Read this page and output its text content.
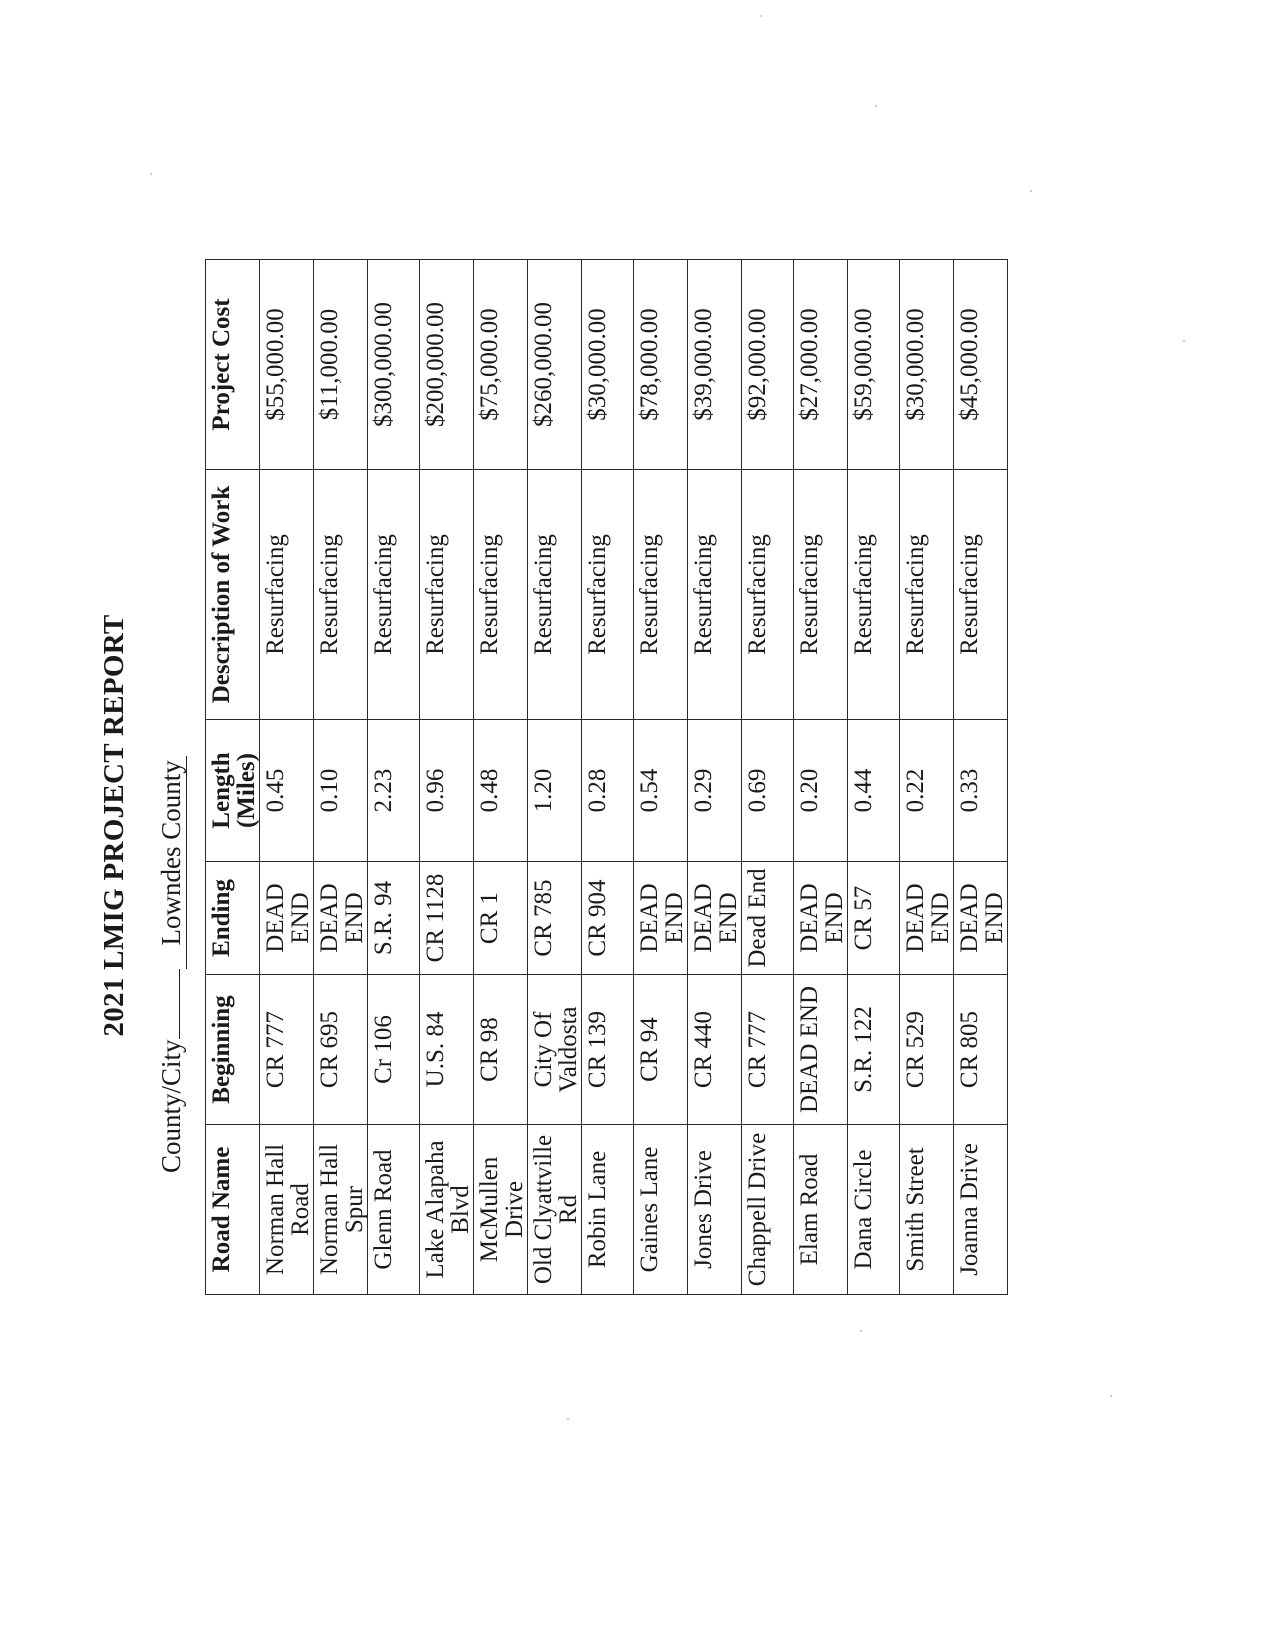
2021 LMIG PROJECT REPORT
County/CityLowndes County
Road Name	Beginning	Ending	Length (Miles)	Description of Work	Project Cost
Norman Hall Road	CR 777	DEAD END	0.45	Resurfacing	$55,000.00
Norman Hall Spur	CR 695	DEAD END	0.10	Resurfacing	$11,000.00
Glenn Road	Cr 106	S.R. 94	2.23	Resurfacing	$300,000.00
Lake Alapaha Blvd	U.S. 84	CR 1128	0.96	Resurfacing	$200,000.00
McMullen Drive	CR 98	CR 1	0.48	Resurfacing	$75,000.00
Old Clyattville Rd	City Of Valdosta	CR 785	1.20	Resurfacing	$260,000.00
Robin Lane	CR 139	CR 904	0.28	Resurfacing	$30,000.00
Gaines Lane	CR 94	DEAD END	0.54	Resurfacing	$78,000.00
Jones Drive	CR 440	DEAD END	0.29	Resurfacing	$39,000.00
Chappell Drive	CR 777	Dead End	0.69	Resurfacing	$92,000.00
Elam Road	DEAD END	DEAD END	0.20	Resurfacing	$27,000.00
Dana Circle	S.R. 122	CR 57	0.44	Resurfacing	$59,000.00
Smith Street	CR 529	DEAD END	0.22	Resurfacing	$30,000.00
Joanna Drive	CR 805	DEAD END	0.33	Resurfacing	$45,000.00
